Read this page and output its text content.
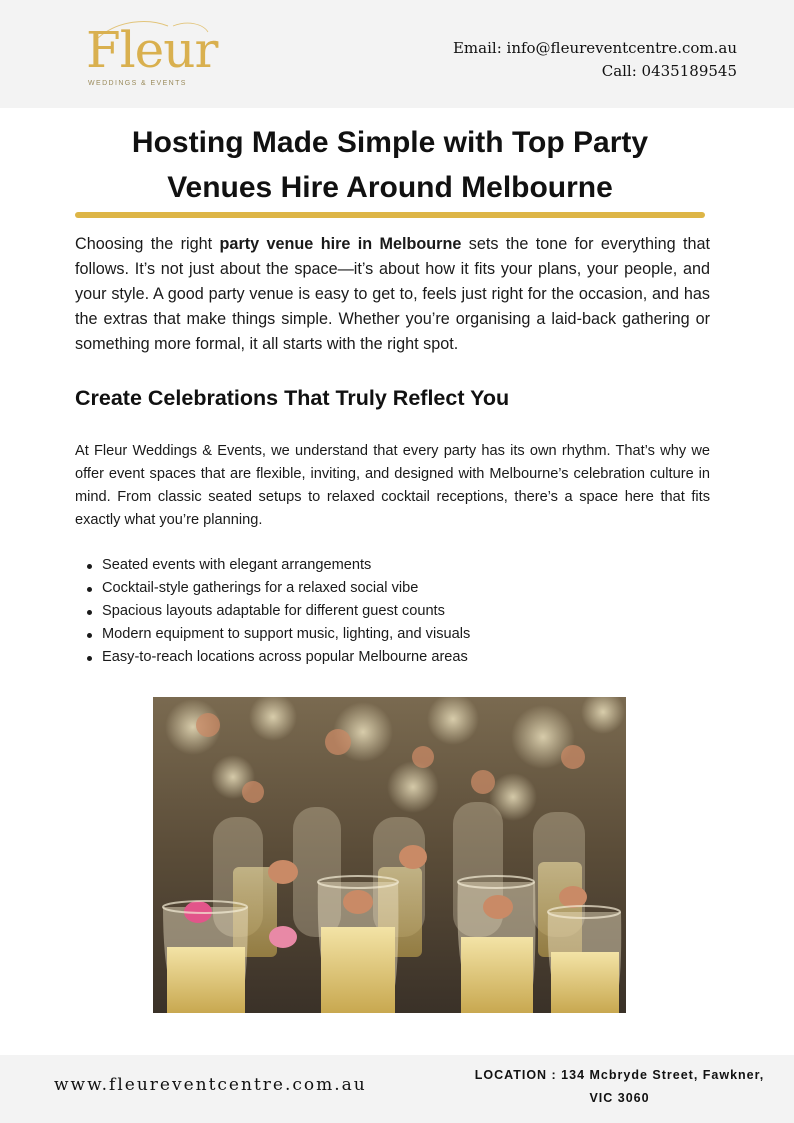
Fleur
WEDDINGS & EVENTS
Email: info@fleureventcentre.com.au
Call: 0435189545
Hosting Made Simple with Top Party
Venues Hire Around Melbourne

Choosing the right party venue hire in Melbourne sets the tone for everything that follows. It’s not just about the space—it’s about how it fits your plans, your people, and your style. A good party venue is easy to get to, feels just right for the occasion, and has the extras that make things simple. Whether you’re organising a laid-back gathering or something more formal, it all starts with the right spot.

Create Celebrations That Truly Reflect You

At Fleur Weddings & Events, we understand that every party has its own rhythm. That’s why we offer event spaces that are flexible, inviting, and designed with Melbourne’s celebration culture in mind. From classic seated setups to relaxed cocktail receptions, there’s a space here that fits exactly what you’re planning.

Seated events with elegant arrangements
Cocktail-style gatherings for a relaxed social vibe
Spacious layouts adaptable for different guest counts
Modern equipment to support music, lighting, and visuals
Easy-to-reach locations across popular Melbourne areas
www.fleureventcentre.com.au	LOCATION : 134 Mcbryde Street, Fawkner,
VIC 3060
